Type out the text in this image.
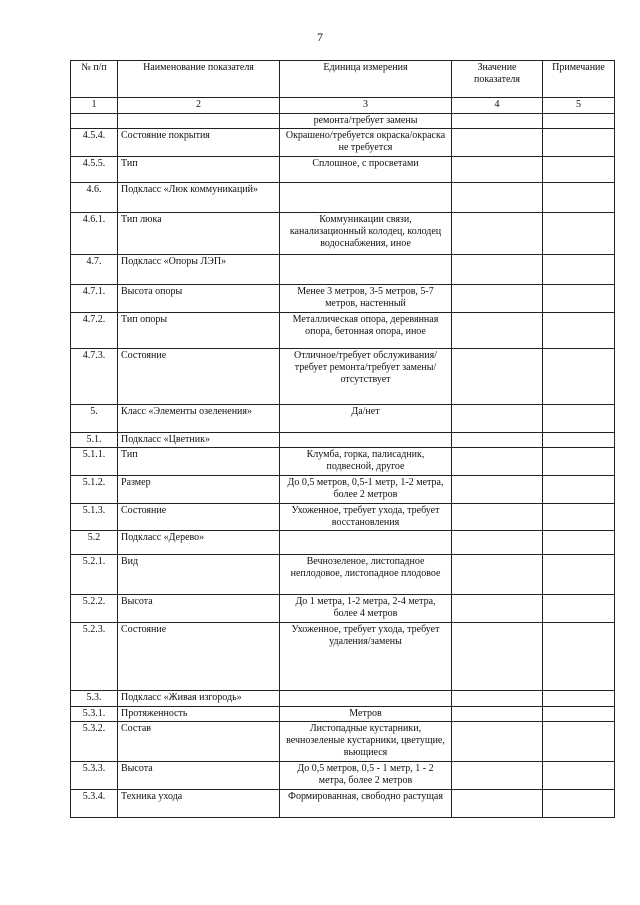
7
№ п/п	Наименование показателя	Единица измерения	Значение показателя	Примечание
1	2	3	4	5
		ремонта/требует замены		
4.5.4.	Состояние покрытия	Окрашено/требуется окраска/окраска не требуется		
4.5.5.	Тип	Сплошное, с просветами		
4.6.	Подкласс «Люк коммуникаций»			
4.6.1.	Тип люка	Коммуникации связи, канализационный колодец, колодец водоснабжения, иное		
4.7.	Подкласс «Опоры ЛЭП»			
4.7.1.	Высота опоры	Менее 3 метров, 3-5 метров, 5-7 метров, настенный		
4.7.2.	Тип опоры	Металлическая опора, деревянная опора, бетонная опора, иное		
4.7.3.	Состояние	Отличное/требует обслуживания/требует ремонта/требует замены/отсутствует		
5.	Класс «Элементы озеленения»	Да/нет		
5.1.	Подкласс «Цветник»			
5.1.1.	Тип	Клумба, горка, палисадник, подвесной, другое		
5.1.2.	Размер	До 0,5 метров, 0,5-1 метр, 1-2 метра, более 2 метров		
5.1.3.	Состояние	Ухоженное, требует ухода, требует восстановления		
5.2	Подкласс «Дерево»			
5.2.1.	Вид	Вечнозеленое, листопадное неплодовое, листопадное плодовое		
5.2.2.	Высота	До 1 метра, 1-2 метра, 2-4 метра, более 4 метров		
5.2.3.	Состояние	Ухоженное, требует ухода, требует удаления/замены		
5.3.	Подкласс «Живая изгородь»			
5.3.1.	Протяженность	Метров		
5.3.2.	Состав	Листопадные кустарники, вечнозеленые кустарники, цветущие, вьющиеся		
5.3.3.	Высота	До 0,5 метров, 0,5 - 1 метр, 1 - 2 метра, более 2 метров		
5.3.4.	Техника ухода	Формированная, свободно растущая		
